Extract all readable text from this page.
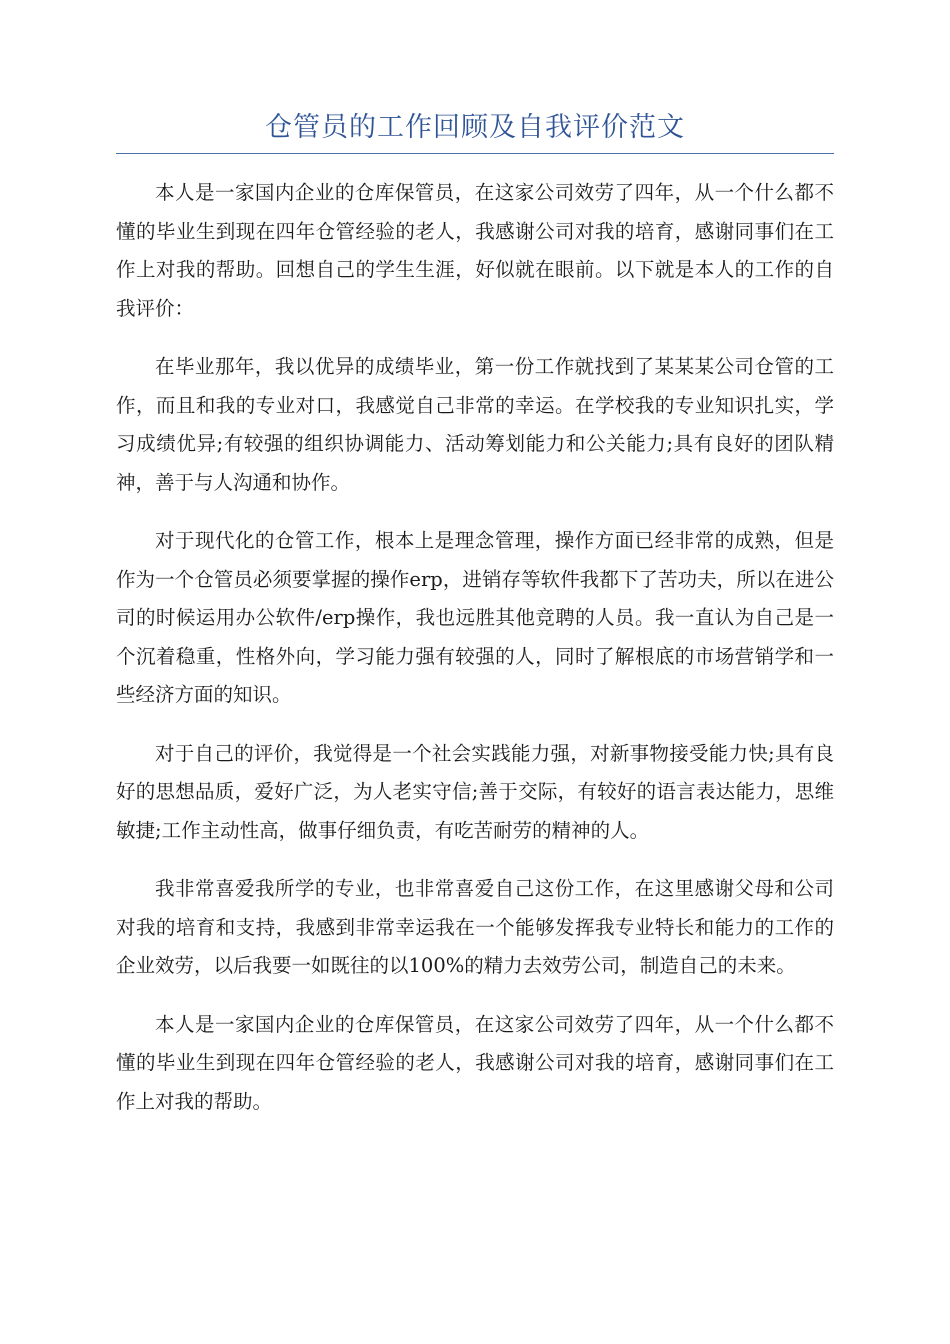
仓管员的工作回顾及自我评价范文

本人是一家国内企业的仓库保管员，在这家公司效劳了四年，从一个什么都不懂的毕业生到现在四年仓管经验的老人，我感谢公司对我的培育，感谢同事们在工作上对我的帮助。回想自己的学生生涯，好似就在眼前。以下就是本人的工作的自我评价：

在毕业那年，我以优异的成绩毕业，第一份工作就找到了某某某公司仓管的工作，而且和我的专业对口，我感觉自己非常的幸运。在学校我的专业知识扎实，学习成绩优异;有较强的组织协调能力、活动筹划能力和公关能力;具有良好的团队精神，善于与人沟通和协作。

对于现代化的仓管工作，根本上是理念管理，操作方面已经非常的成熟，但是作为一个仓管员必须要掌握的操作erp，进销存等软件我都下了苦功夫，所以在进公司的时候运用办公软件/erp操作，我也远胜其他竞聘的人员。我一直认为自己是一个沉着稳重，性格外向，学习能力强有较强的人，同时了解根底的市场营销学和一些经济方面的知识。

对于自己的评价，我觉得是一个社会实践能力强，对新事物接受能力快;具有良好的思想品质，爱好广泛，为人老实守信;善于交际，有较好的语言表达能力，思维敏捷;工作主动性高，做事仔细负责，有吃苦耐劳的精神的人。

我非常喜爱我所学的专业，也非常喜爱自己这份工作，在这里感谢父母和公司对我的培育和支持，我感到非常幸运我在一个能够发挥我专业特长和能力的工作的企业效劳，以后我要一如既往的以100%的精力去效劳公司，制造自己的未来。

本人是一家国内企业的仓库保管员，在这家公司效劳了四年，从一个什么都不懂的毕业生到现在四年仓管经验的老人，我感谢公司对我的培育，感谢同事们在工作上对我的帮助。
